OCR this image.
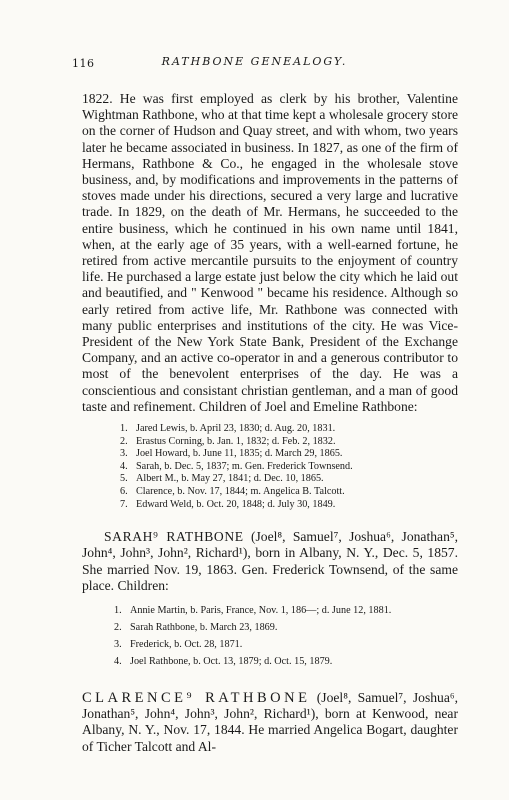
116	RATHBONE GENEALOGY.

1822. He was first employed as clerk by his brother, Valentine Wightman Rathbone, who at that time kept a wholesale grocery store on the corner of Hudson and Quay street, and with whom, two years later he became associated in business. In 1827, as one of the firm of Hermans, Rathbone & Co., he engaged in the wholesale stove business, and, by modifications and improvements in the patterns of stoves made under his directions, secured a very large and lucrative trade. In 1829, on the death of Mr. Hermans, he succeeded to the entire business, which he continued in his own name until 1841, when, at the early age of 35 years, with a well-earned fortune, he retired from active mercantile pursuits to the enjoyment of country life. He purchased a large estate just below the city which he laid out and beautified, and " Kenwood " became his residence. Although so early retired from active life, Mr. Rathbone was connected with many public enterprises and institutions of the city. He was Vice-President of the New York State Bank, President of the Exchange Company, and an active co-operator in and a generous contributor to most of the benevolent enterprises of the day. He was a conscientious and consistant christian gentleman, and a man of good taste and refinement. Children of Joel and Emeline Rathbone:

1. Jared Lewis, b. April 23, 1830; d. Aug. 20, 1831.
2. Erastus Corning, b. Jan. 1, 1832; d. Feb. 2, 1832.
3. Joel Howard, b. June 11, 1835; d. March 29, 1865.
4. Sarah, b. Dec. 5, 1837; m. Gen. Frederick Townsend.
5. Albert M., b. May 27, 1841; d. Dec. 10, 1865.
6. Clarence, b. Nov. 17, 1844; m. Angelica B. Talcott.
7. Edward Weld, b. Oct. 20, 1848; d. July 30, 1849.

SARAH⁹ RATHBONE (Joel⁸, Samuel⁷, Joshua⁶, Jonathan⁵, John⁴, John³, John², Richard¹), born in Albany, N. Y., Dec. 5, 1857. She married Nov. 19, 1863. Gen. Frederick Townsend, of the same place. Children:

1. Annie Martin, b. Paris, France, Nov. 1, 186—; d. June 12, 1881.
2. Sarah Rathbone, b. March 23, 1869.
3. Frederick, b. Oct. 28, 1871.
4. Joel Rathbone, b. Oct. 13, 1879; d. Oct. 15, 1879.

CLARENCE⁹ RATHBONE (Joel⁸, Samuel⁷, Joshua⁶, Jonathan⁵, John⁴, John³, John², Richard¹), born at Kenwood, near Albany, N. Y., Nov. 17, 1844. He married Angelica Bogart, daughter of Ticher Talcott and Al-
